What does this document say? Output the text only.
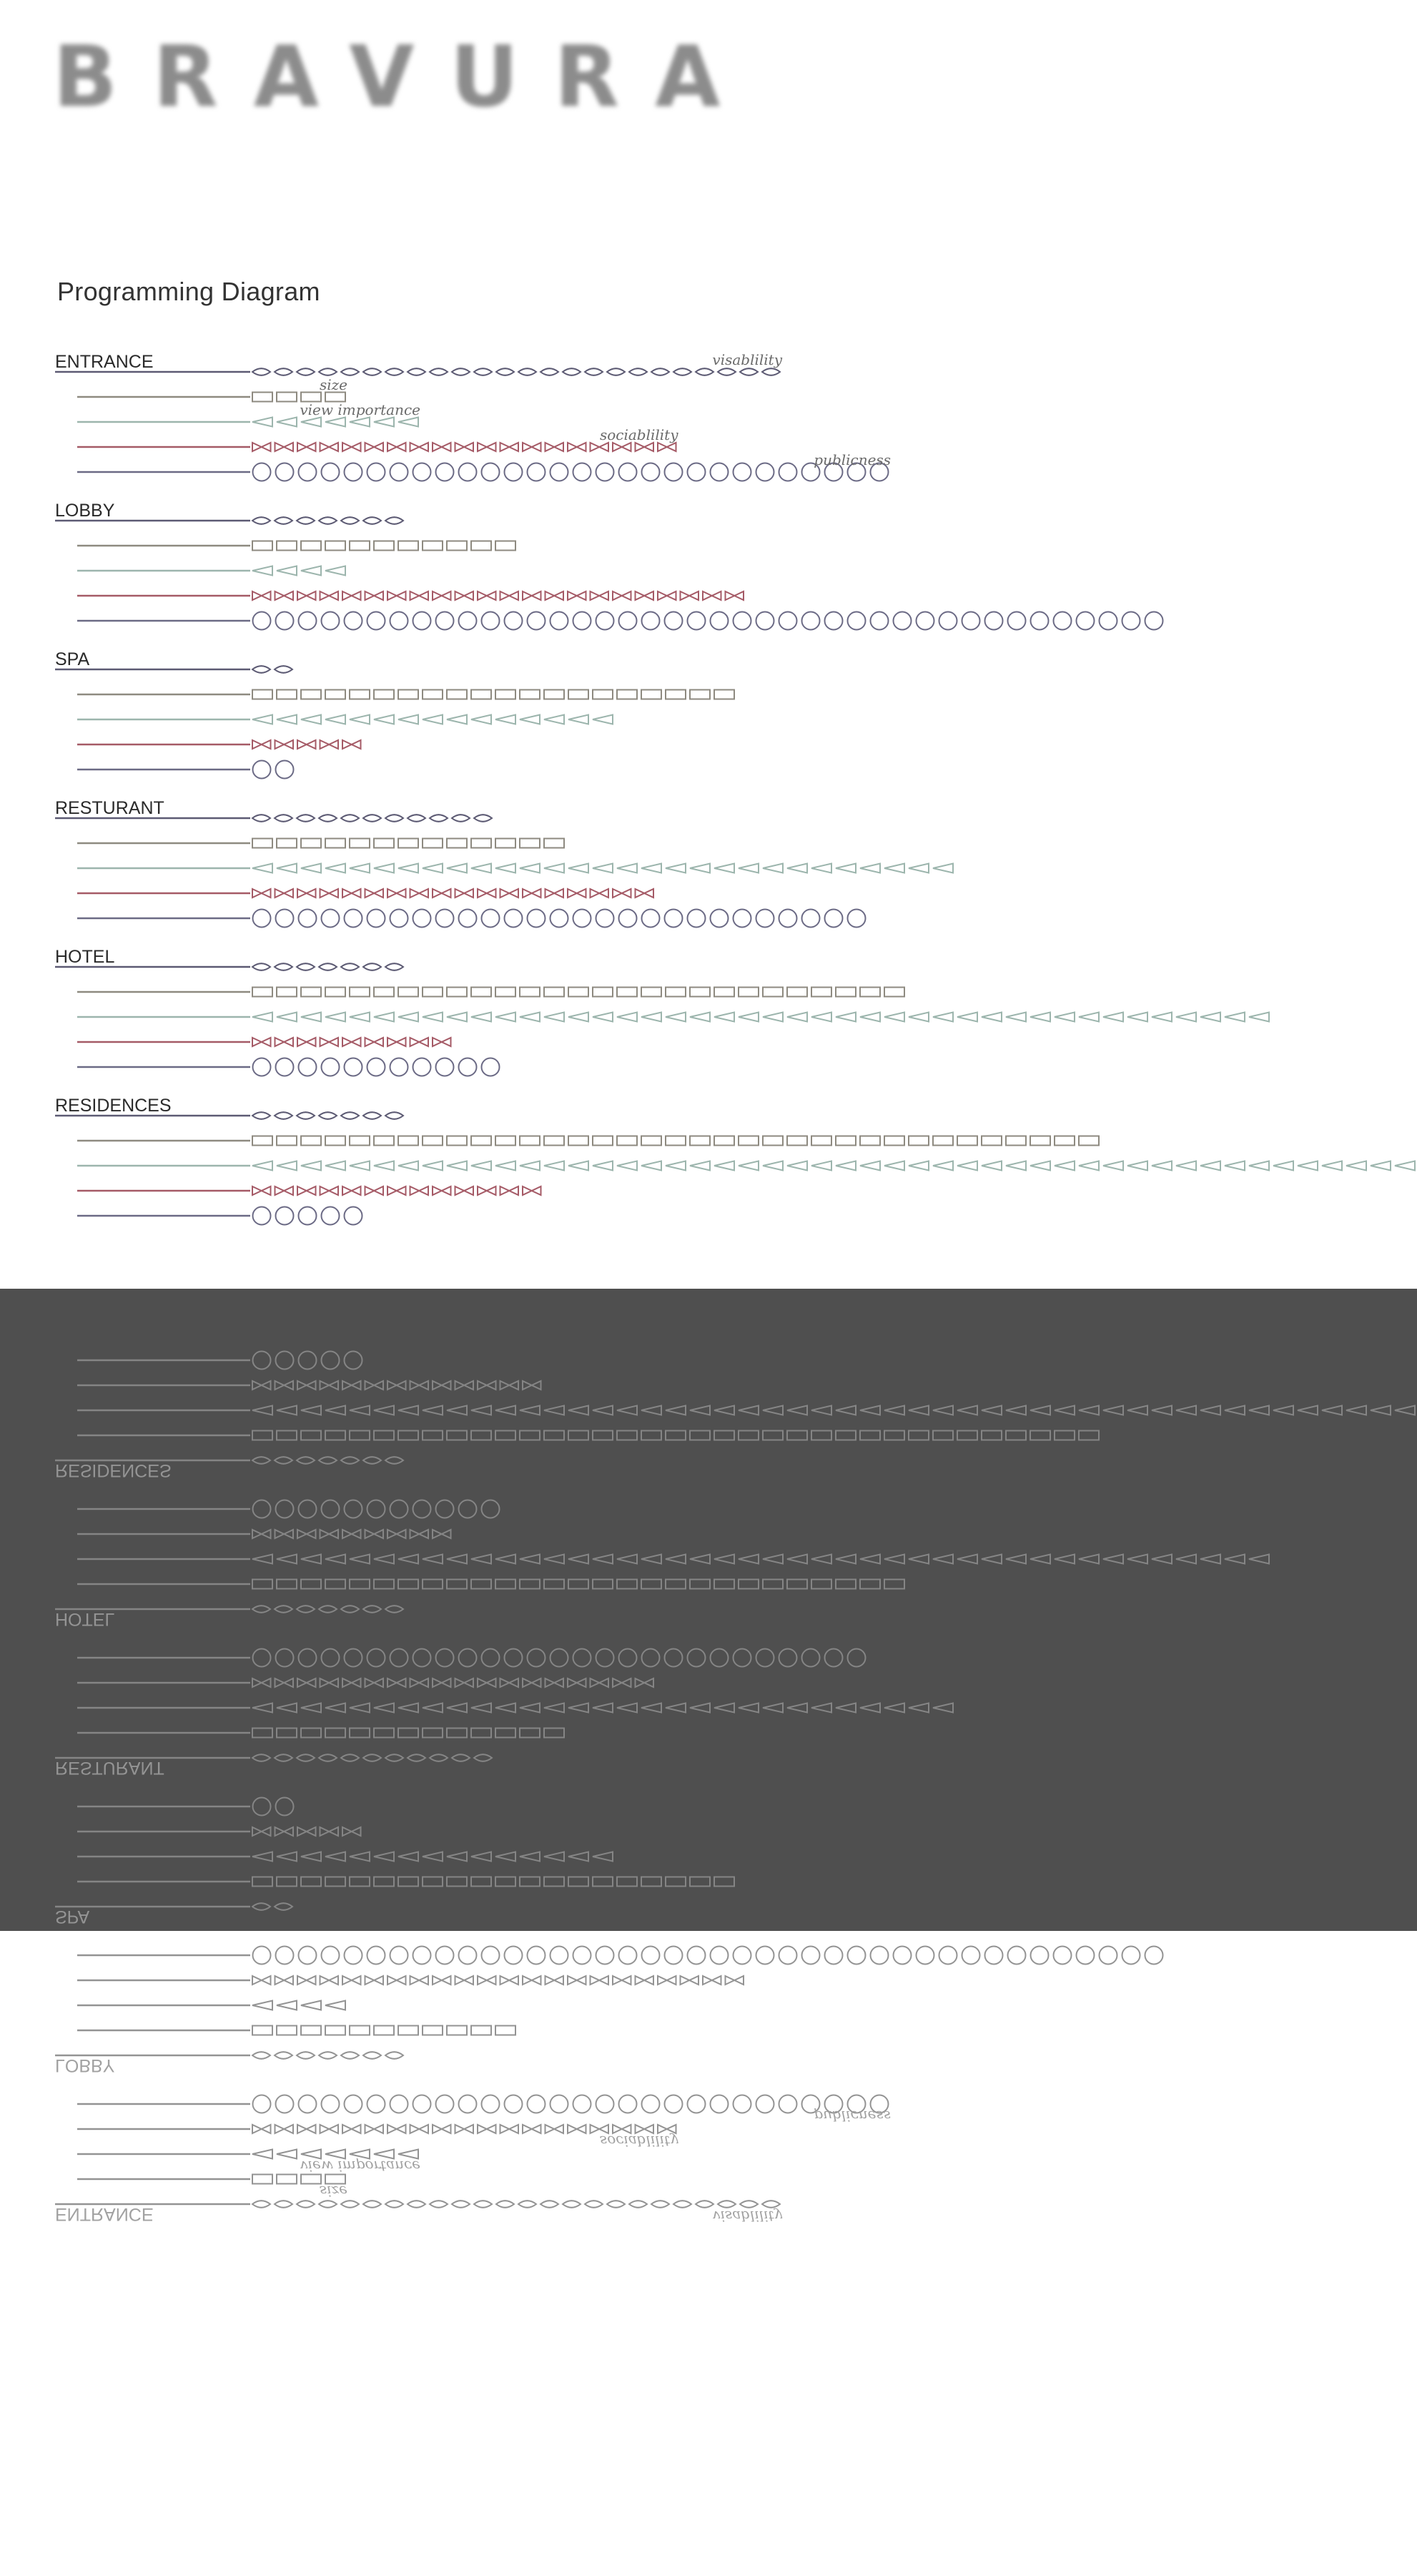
BRAVURA
Programming Diagram
ENTRANCE
LOBBY
SPA
RESTURANT
HOTEL
RESIDENCES
visablility
size
view importance
sociablility
publicness
ENTRANCE
LOBBY
SPA
RESTURANT
HOTEL
RESIDENCES
visablility
size
view importance
sociablility
publicness
